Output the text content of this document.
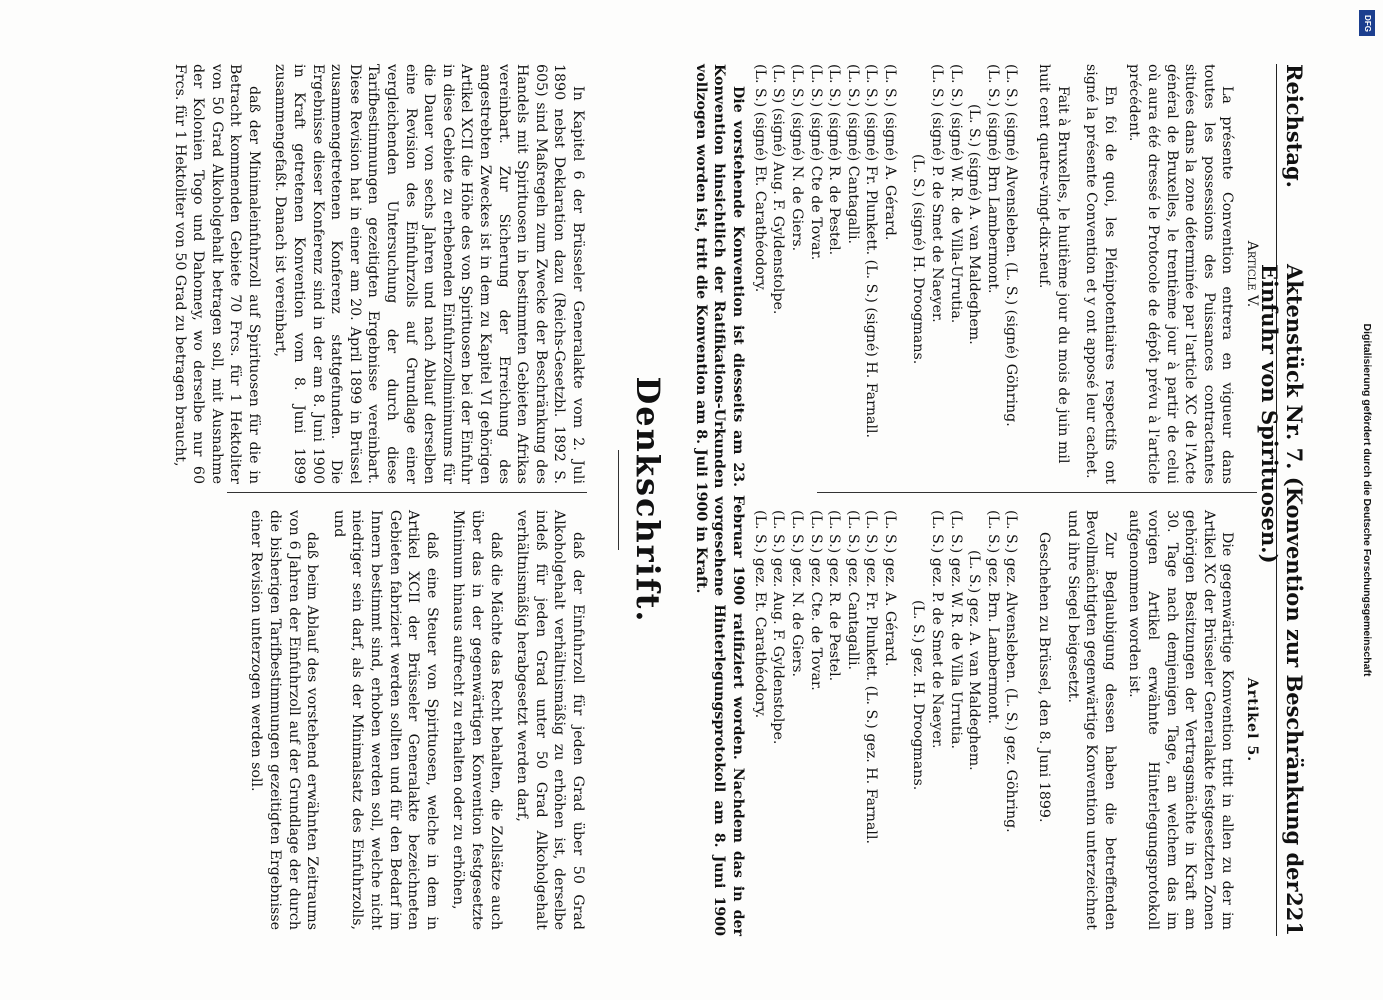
Reichstag.
Aktenstück Nr. 7. (Konvention zur Beschränkung der Einfuhr von Spirituosen.)
221
Article V.

La présente Convention entrera en vigueur dans toutes les possessions des Puissances contractantes situées dans la zone déterminée par l'article XC de l'Acte général de Bruxelles, le trentième jour à partir de celui où aura été dressé le Protocole de dépôt prévu à l'article précédent.

En foi de quoi, les Plénipotentiaires respectifs ont signé la présente Convention et y ont apposé leur cachet.

Fait à Bruxelles, le huitième jour du mois de juin mil huit cent quatre-vingt-dix-neuf.

(L. S.) (signé) Alvensleben. (L. S.) (signé) Göhring.

(L. S.) (signé) Brn Lambermont.

(L. S.) (signé) A. van Maldeghem.

(L. S.) (signé) W. R. de Villa-Urrutia.

(L. S.) (signé) P. de Smet de Naeyer.

(L. S.) (signé) H. Droogmans.

(L. S.) (signé) A. Gérard.

(L. S.) (signé) Fr. Plunkett. (L. S.) (signé) H. Farnall.

(L. S.) (signé) Cantagalli.

(L. S.) (signé) R. de Pestel.

(L. S.) (signé) Cte de Tovar.

(L. S.) (signé) N. de Giers.

(L. S) (signé) Aug. F. Gyldenstolpe.

(L. S.) (signé) Et. Carathéodory.

Artikel 5.

Die gegenwärtige Konvention tritt in allen zu der im Artikel XC der Brüsseler Generalakte festgesetzten Zonen gehörigen Besitzungen der Vertragsmächte in Kraft am 30. Tage nach demjenigen Tage, an welchem das im vorigen Artikel erwähnte Hinterlegungsprotokoll aufgenommen worden ist.

Zur Beglaubigung dessen haben die betreffenden Bevollmächtigten gegenwärtige Konvention unterzeichnet und ihre Siegel beigesetzt.

Geschehen zu Brüssel, den 8. Juni 1899.

(L. S.) gez. Alvensleben. (L. S.) gez. Göhring.

(L. S.) gez. Brn. Lambermont.

(L. S.) gez. A. van Maldeghem.

(L. S.) gez. W. R. de Villa Urrutia.

(L. S.) gez. P. de Smet de Naeyer.

(L. S.) gez. H. Droogmans.

(L. S.) gez. A. Gérard.

(L. S.) gez. Fr. Plunkett. (L. S.) gez. H. Farnall.

(L. S.) gez. Cantagalli.

(L. S.) gez. R. de Pestel.

(L. S.) gez. Cte. de Tovar.

(L. S.) gez. N. de Giers.

(L. S.) gez. Aug. F. Gyldenstolpe.

(L. S.) gez. Et. Carathéodory.

Die vorstehende Konvention ist diesseits am 23. Februar 1900 ratifiziert worden. Nachdem das in der Konvention hinsichtlich der Ratifikations-Urkunden vorgesehene Hinterlegungsprotokoll am 8. Juni 1900 vollzogen worden ist, tritt die Konvention am 8. Juli 1900 in Kraft.

Denkschrift.

In Kapitel 6 der Brüsseler Generalakte vom 2. Juli 1890 nebst Deklaration dazu (Reichs-Gesetzbl. 1892 S. 605) sind Maßregeln zum Zwecke der Beschränkung des Handels mit Spirituosen in bestimmten Gebieten Afrikas vereinbart. Zur Sicherung der Erreichung des angestrebten Zweckes ist in dem zu Kapitel VI gehörigen Artikel XCII die Höhe des von Spirituosen bei der Einfuhr in diese Gebiete zu erhebenden Einfuhrzollminimums für die Dauer von sechs Jahren und nach Ablauf derselben eine Revision des Einfuhrzolls auf Grundlage einer vergleichenden Untersuchung der durch diese Tarifbestimmungen gezeitigten Ergebnisse vereinbart. Diese Revision hat in einer am 20. April 1899 in Brüssel zusammengetretenen Konferenz stattgefunden. Die Ergebnisse dieser Konferenz sind in der am 8. Juni 1900 in Kraft getretenen Konvention vom 8. Juni 1899 zusammengefaßt. Danach ist vereinbart,

daß der Minimaleinfuhrzoll auf Spirituosen für die in Betracht kommenden Gebiete 70 Frcs. für 1 Hektoliter von 50 Grad Alkoholgehalt betragen soll, mit Ausnahme der Kolonien Togo und Dahomey, wo derselbe nur 60 Frcs. für 1 Hektoliter von 50 Grad zu betragen braucht,

daß der Einfuhrzoll für jeden Grad über 50 Grad Alkoholgehalt verhältnismäßig zu erhöhen ist, derselbe indeß für jeden Grad unter 50 Grad Alkoholgehalt verhältnismäßig herabgesetzt werden darf,

daß die Mächte das Recht behalten, die Zollsätze auch über das in der gegenwärtigen Konvention festgesetzte Minimum hinaus aufrecht zu erhalten oder zu erhöhen,

daß eine Steuer von Spirituosen, welche in dem in Artikel XCII der Brüsseler Generalakte bezeichneten Gebieten fabriziert werden sollten und für den Bedarf im Innern bestimmt sind, erhoben werden soll, welche nicht niedriger sein darf, als der Minimalsatz des Einfuhrzolls, und

daß beim Ablauf des vorstehend erwähnten Zeitraums von 6 Jahren der Einfuhrzoll auf der Grundlage der durch die bisherigen Tarifbestimmungen gezeitigten Ergebnisse einer Revision unterzogen werden soll.

DFG
Digitalisierung gefördert durch die Deutsche Forschungsgemeinschaft
